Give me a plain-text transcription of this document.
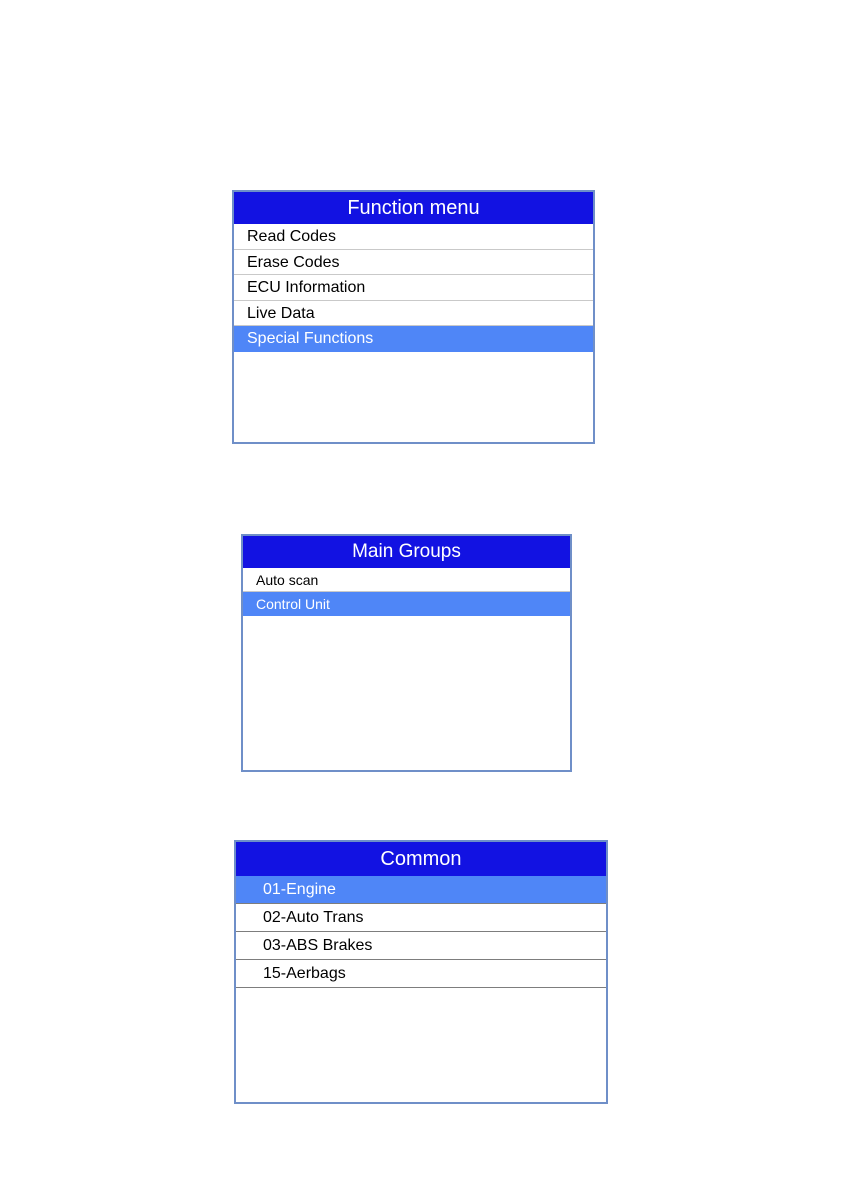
Function menu
Read Codes
Erase Codes
ECU Information
Live Data
Special Functions
Main Groups
Auto scan
Control Unit
Common
01-Engine
02-Auto Trans
03-ABS Brakes
15-Aerbags
